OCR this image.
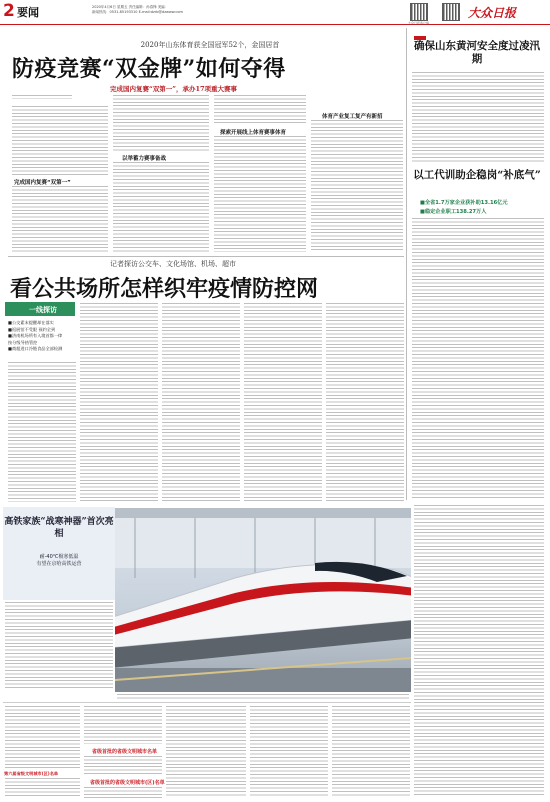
2 要闻	2020年4月6日 星期五 责任编辑：孙春锋 美编：
新闻热线：0531-85193310 E-mail:dzrb@dzwww.com
大众日报客户端
大众日报
2020年山东体育获全国冠军52个，金国居首
防疫竞赛“双金牌”如何夺得
完成国内复赛“双第一”，承办17项重大赛事
完成国内复赛“双第一”
以举蓄力赛事备战
探索开展线上体育赛事体育
体育产业复工复产有新招
确保山东黄河安全度过凌汛期
以工代训助企稳岗“补底气”
■全省1.7万家企业获补助13.16亿元
■稳定企业职工138.27万人
记者探访公交车、文化场馆、机场、超市
看公共场所怎样织牢疫情防控网
一线探访
■公交素末提醒却在落实
■逛展馆不受限 预约全到
■济南机场所有入境首都一律
按分级导热管控
■商超进口冷链食品全部检测
高铁家族“战寒神器”首次亮相
耐-40℃极寒低温
有望在京哈高铁运营
第六届省级文明城市(区)名单
省级首批的省级文明城市名单
省级首批的省级文明城市(区)名单
